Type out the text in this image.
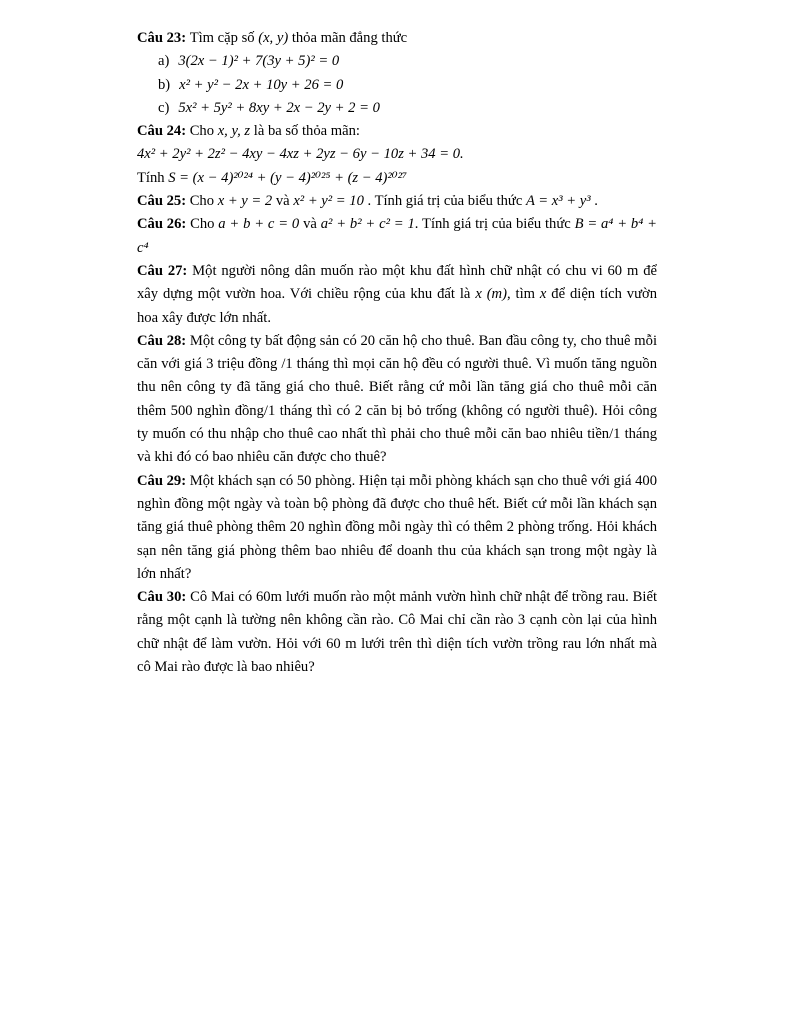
Câu 23: Tìm cặp số (x, y) thỏa mãn đẳng thức

a) 3(2x − 1)² + 7(3y + 5)² = 0

b) x² + y² − 2x + 10y + 26 = 0

c) 5x² + 5y² + 8xy + 2x − 2y + 2 = 0

Câu 24: Cho x, y, z là ba số thỏa mãn:

4x² + 2y² + 2z² − 4xy − 4xz + 2yz − 6y − 10z + 34 = 0.

Tính S = (x − 4)²⁰²⁴ + (y − 4)²⁰²⁵ + (z − 4)²⁰²⁷

Câu 25: Cho x + y = 2 và x² + y² = 10 . Tính giá trị của biểu thức A = x³ + y³ .

Câu 26: Cho a + b + c = 0 và a² + b² + c² = 1. Tính giá trị của biểu thức B = a⁴ + b⁴ + c⁴

Câu 27: Một người nông dân muốn rào một khu đất hình chữ nhật có chu vi 60 m để xây dựng một vườn hoa. Với chiều rộng của khu đất là x (m), tìm x để diện tích vườn hoa xây được lớn nhất.

Câu 28: Một công ty bất động sản có 20 căn hộ cho thuê. Ban đầu công ty, cho thuê mỗi căn với giá 3 triệu đồng /1 tháng thì mọi căn hộ đều có người thuê. Vì muốn tăng nguồn thu nên công ty đã tăng giá cho thuê. Biết rằng cứ mỗi lần tăng giá cho thuê mỗi căn thêm 500 nghìn đồng/1 tháng thì có 2 căn bị bỏ trống (không có người thuê). Hỏi công ty muốn có thu nhập cho thuê cao nhất thì phải cho thuê mỗi căn bao nhiêu tiền/1 tháng và khi đó có bao nhiêu căn được cho thuê?

Câu 29: Một khách sạn có 50 phòng. Hiện tại mỗi phòng khách sạn cho thuê với giá 400 nghìn đồng một ngày và toàn bộ phòng đã được cho thuê hết. Biết cứ mỗi lần khách sạn tăng giá thuê phòng thêm 20 nghìn đồng mỗi ngày thì có thêm 2 phòng trống. Hỏi khách sạn nên tăng giá phòng thêm bao nhiêu để doanh thu của khách sạn trong một ngày là lớn nhất?

Câu 30: Cô Mai có 60m lưới muốn rào một mảnh vườn hình chữ nhật để trồng rau. Biết rằng một cạnh là tường nên không cần rào. Cô Mai chỉ cần rào 3 cạnh còn lại của hình chữ nhật để làm vườn. Hỏi với 60 m lưới trên thì diện tích vườn trồng rau lớn nhất mà cô Mai rào được là bao nhiêu?
